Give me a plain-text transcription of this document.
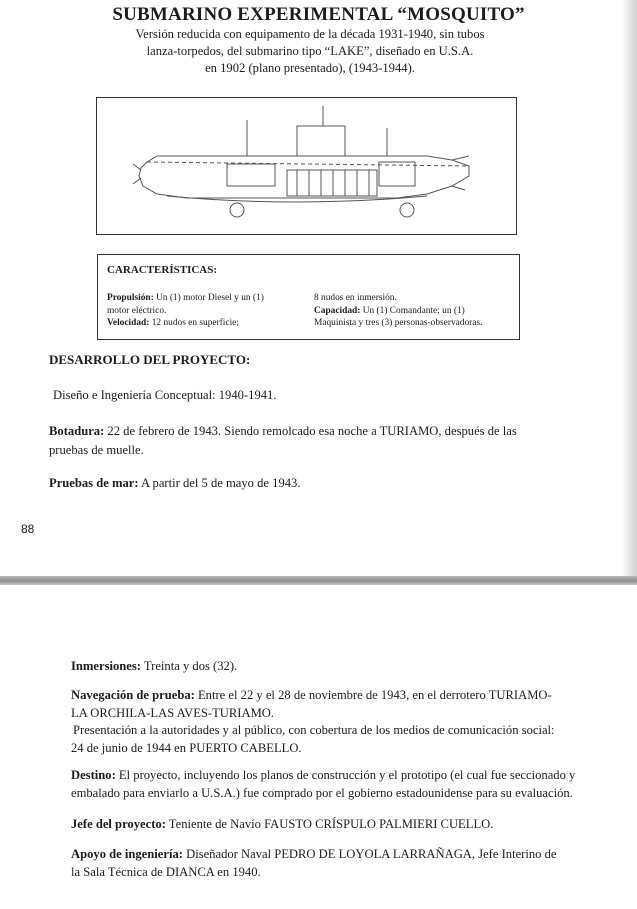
SUBMARINO EXPERIMENTAL “MOSQUITO”
Versión reducida con equipamento de la década 1931-1940, sin tubos
lanza-torpedos, del submarino tipo “LAKE”, diseñado en U.S.A.
en 1902 (plano presentado), (1943-1944).
CARACTERÍSTICAS:
Propulsión: Un (1) motor Diesel y un (1)
motor eléctrico.
Velocidad: 12 nudos en superficie;
8 nudos en inmersión.
Capacidad: Un (1) Comandante; un (1)
Maquinista y tres (3) personas-observadoras.
DESARROLLO DEL PROYECTO:
Diseño e Ingeniería Conceptual: 1940-1941.
Botadura: 22 de febrero de 1943. Siendo remolcado esa noche a TURIAMO, después de las
pruebas de muelle.
Pruebas de mar: A partir del 5 de mayo de 1943.
88
Inmersiones: Treinta y dos (32).
Navegación de prueba: Entre el 22 y el 28 de noviembre de 1943, en el derrotero TURIAMO-
LA ORCHILA-LAS AVES-TURIAMO.
Presentación a la autoridades y al público, con cobertura de los medios de comunicación social:
24 de junio de 1944 en PUERTO CABELLO.
Destino: El proyecto, incluyendo los planos de construcción y el prototipo (el cual fue seccionado y
embalado para enviarlo a U.S.A.) fue comprado por el gobierno estadounidense para su evaluación.
Jefe del proyecto: Teniente de Navío FAUSTO CRÍSPULO PALMIERI CUELLO.
Apoyo de ingeniería: Diseñador Naval PEDRO DE LOYOLA LARRAÑAGA, Jefe Interino de
la Sala Técnica de DIANCA en 1940.
